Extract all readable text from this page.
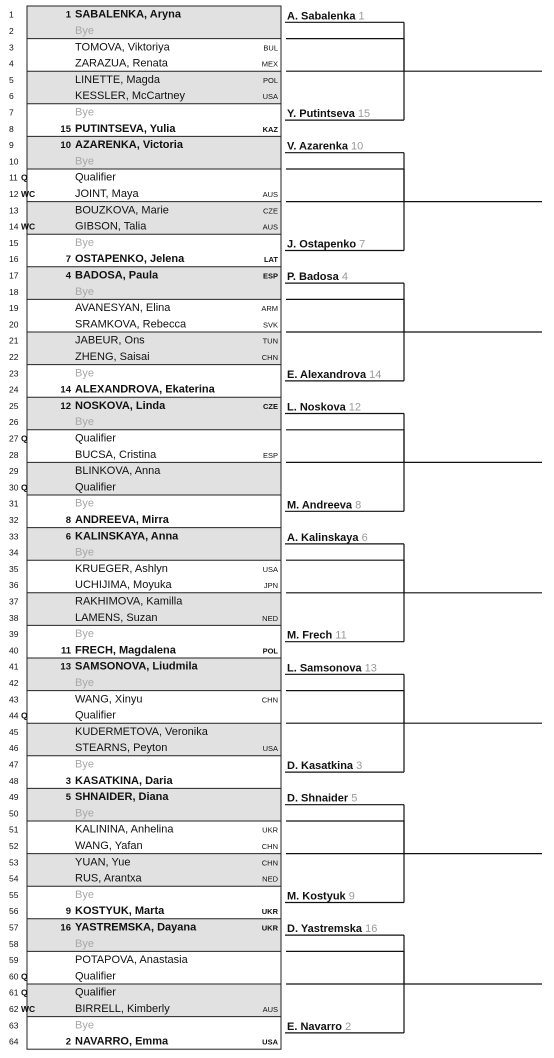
1	1 SABALENKA, Aryna
2	Bye
3	TOMOVA, Viktoriya	BUL
4	ZARAZUA, Renata	MEX
5	LINETTE, Magda	POL
6	KESSLER, McCartney	USA
7	Bye
8	15 PUTINTSEVA, Yulia	KAZ
9	10 AZARENKA, Victoria
10	Bye
11 Q	Qualifier
12 WC	JOINT, Maya	AUS
13	BOUZKOVA, Marie	CZE
14 WC	GIBSON, Talia	AUS
15	Bye
16	7 OSTAPENKO, Jelena	LAT
17	4 BADOSA, Paula	ESP
18	Bye
19	AVANESYAN, Elina	ARM
20	SRAMKOVA, Rebecca	SVK
21	JABEUR, Ons	TUN
22	ZHENG, Saisai	CHN
23	Bye
24	14 ALEXANDROVA, Ekaterina
25	12 NOSKOVA, Linda	CZE
26	Bye
27 Q	Qualifier
28	BUCSA, Cristina	ESP
29	BLINKOVA, Anna
30 Q	Qualifier
31	Bye
32	8 ANDREEVA, Mirra
33	6 KALINSKAYA, Anna
34	Bye
35	KRUEGER, Ashlyn	USA
36	UCHIJIMA, Moyuka	JPN
37	RAKHIMOVA, Kamilla
38	LAMENS, Suzan	NED
39	Bye
40	11 FRECH, Magdalena	POL
41	13 SAMSONOVA, Liudmila
42	Bye
43	WANG, Xinyu	CHN
44 Q	Qualifier
45	KUDERMETOVA, Veronika
46	STEARNS, Peyton	USA
47	Bye
48	3 KASATKINA, Daria
49	5 SHNAIDER, Diana
50	Bye
51	KALININA, Anhelina	UKR
52	WANG, Yafan	CHN
53	YUAN, Yue	CHN
54	RUS, Arantxa	NED
55	Bye
56	9 KOSTYUK, Marta	UKR
57	16 YASTREMSKA, Dayana	UKR
58	Bye
59	POTAPOVA, Anastasia
60 Q	Qualifier
61 Q	Qualifier
62 WC	BIRRELL, Kimberly	AUS
63	Bye
64	2 NAVARRO, Emma	USA
A. Sabalenka 1
Y. Putintseva 15
V. Azarenka 10
J. Ostapenko 7
P. Badosa 4
E. Alexandrova 14
L. Noskova 12
M. Andreeva 8
A. Kalinskaya 6
M. Frech 11
L. Samsonova 13
D. Kasatkina 3
D. Shnaider 5
M. Kostyuk 9
D. Yastremska 16
E. Navarro 2
